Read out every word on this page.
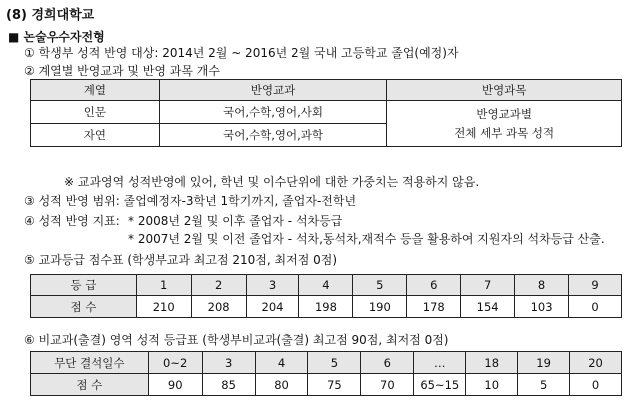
(8) 경희대학교
■ 논술우수자전형
① 학생부 성적 반영 대상: 2014년 2월 ~ 2016년 2월 국내 고등학교 졸업(예정)자
② 계열별 반영교과 및 반영 과목 개수
계열	반영교과	반영과목
인문	국어,수학,영어,사회	반영교과별
전체 세부 과목 성적

자연	국어,수학,영어,과학	
※ 교과영역 성적반영에 있어, 학년 및 이수단위에 대한 가중치는 적용하지 않음.
③ 성적 반영 범위: 졸업예정자-3학년 1학기까지, 졸업자-전학년
④ 성적 반영 지표: * 2008년 2월 및 이후 졸업자 - 석차등급
* 2007년 2월 및 이전 졸업자 - 석차,동석차,재적수 등을 활용하여 지원자의 석차등급 산출.
⑤ 교과등급 점수표 (학생부교과 최고점 210점, 최저점 0점)
등 급	1	2	3	4	5	6	7	8	9
점 수	210	208	204	198	190	178	154	103	0
⑥ 비교과(출결) 영역 성적 등급표 (학생부비교과(출결) 최고점 90점, 최저점 0점)
무단 결석일수	0~2	3	4	5	6	…	18	19	20
점 수	90	85	80	75	70	65~15	10	5	0
